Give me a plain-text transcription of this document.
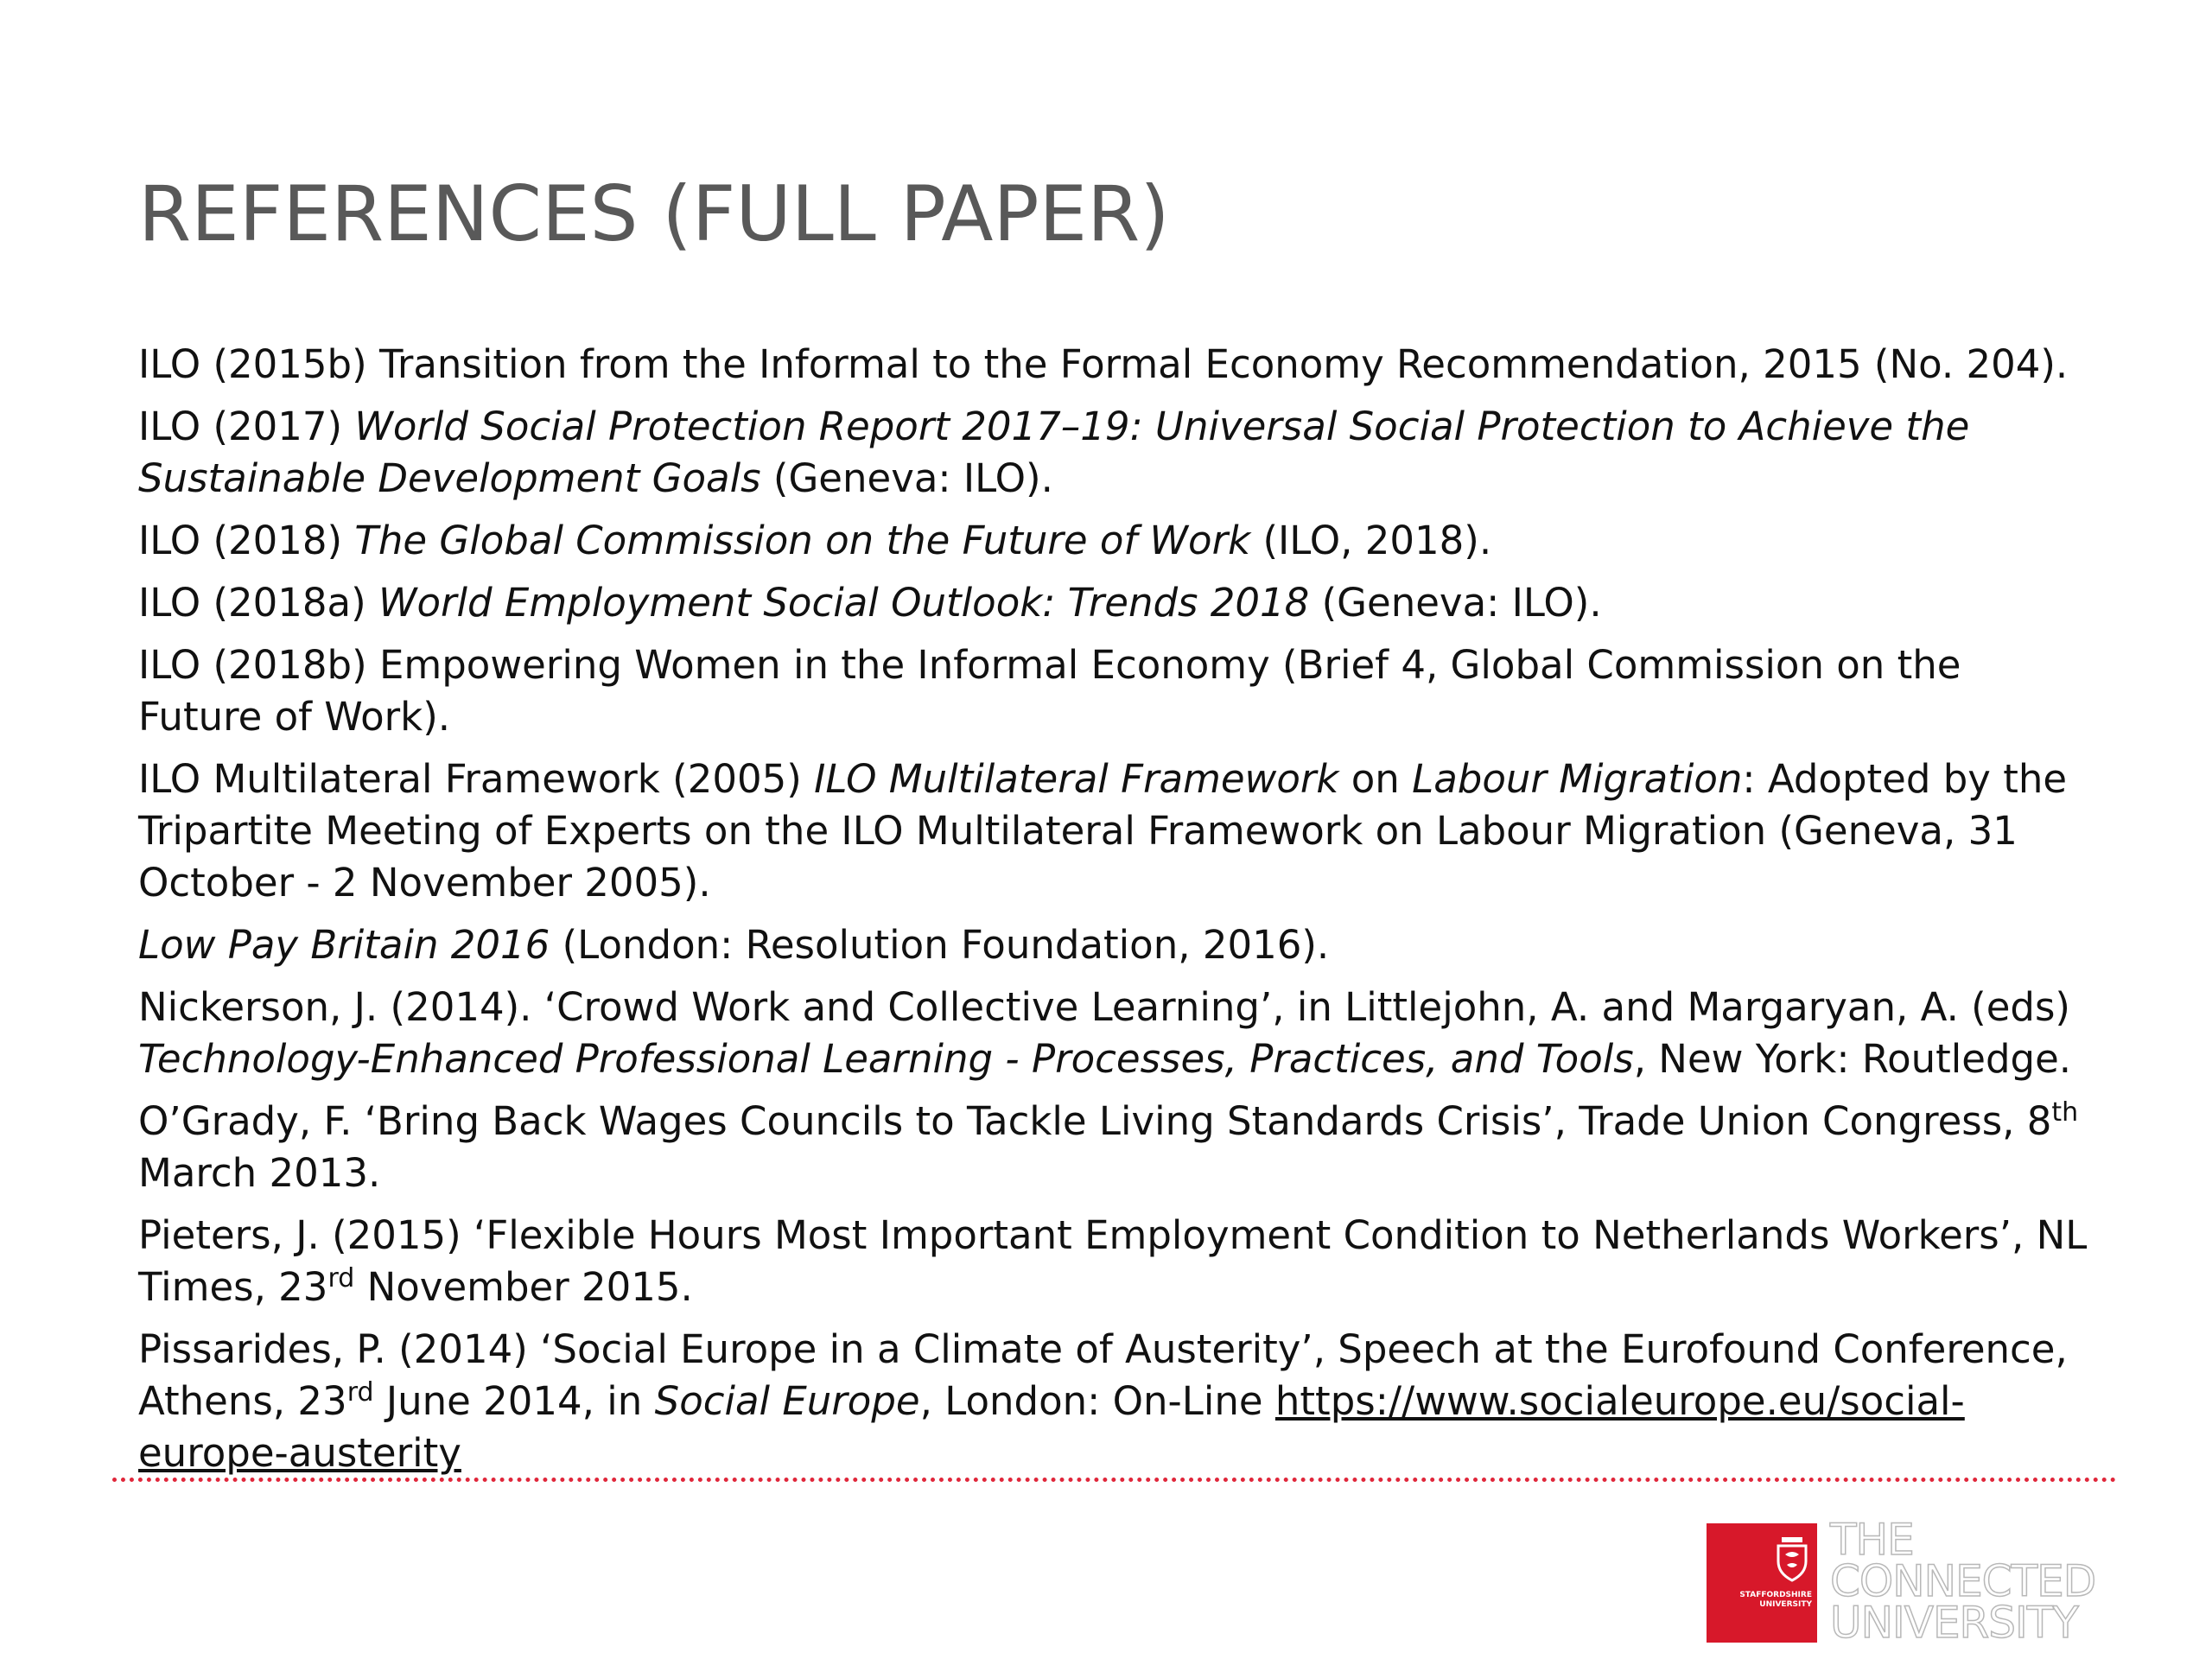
REFERENCES (FULL PAPER)

ILO (2015b) Transition from the Informal to the Formal Economy Recommendation, 2015 (No. 204).

ILO (2017) World Social Protection Report 2017–19: Universal Social Protection to Achieve the Sustainable Development Goals (Geneva: ILO).

ILO (2018) The Global Commission on the Future of Work (ILO, 2018).

ILO (2018a) World Employment Social Outlook: Trends 2018 (Geneva: ILO).

ILO (2018b) Empowering Women in the Informal Economy (Brief 4, Global Commission on the Future of Work).

ILO Multilateral Framework (2005) ILO Multilateral Framework on Labour Migration: Adopted by the Tripartite Meeting of Experts on the ILO Multilateral Framework on Labour Migration (Geneva, 31 October - 2 November 2005).

Low Pay Britain 2016 (London: Resolution Foundation, 2016).

Nickerson, J. (2014). ‘Crowd Work and Collective Learning’, in Littlejohn, A. and Margaryan, A. (eds) Technology-Enhanced Professional Learning - Processes, Practices, and Tools, New York: Routledge.

O’Grady, F. ‘Bring Back Wages Councils to Tackle Living Standards Crisis’, Trade Union Congress, 8th March 2013.

Pieters, J. (2015) ‘Flexible Hours Most Important Employment Condition to Netherlands Workers’, NL Times, 23rd November 2015.

Pissarides, P. (2014) ‘Social Europe in a Climate of Austerity’, Speech at the Eurofound Conference, Athens, 23rd June 2014, in Social Europe, London: On-Line https://www.socialeurope.eu/social-europe-austerity

STAFFORDSHIRE
UNIVERSITY
THE
CONNECTED
UNIVERSITY
